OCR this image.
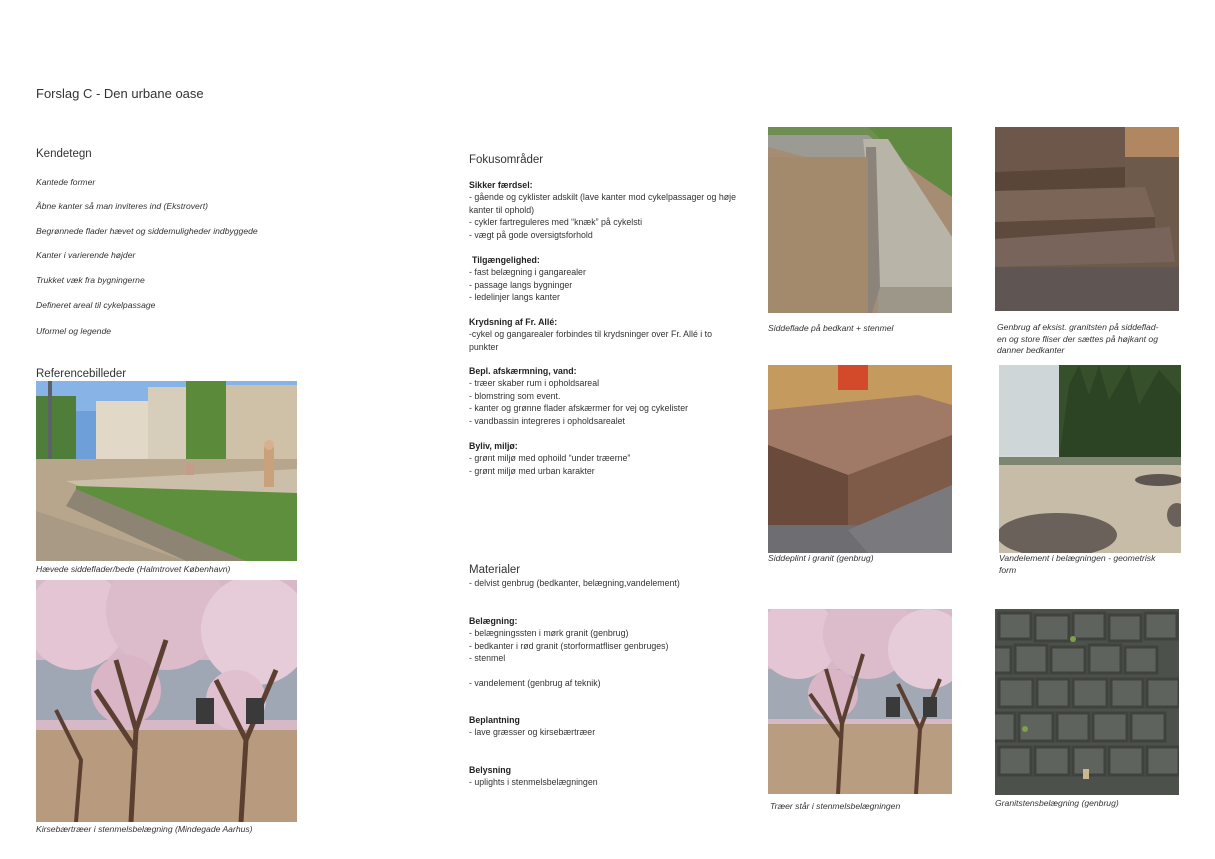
Forslag C - Den urbane oase
Kendetegn
Kantede former
Åbne kanter så man inviteres ind (Ekstrovert)
Begrønnede flader hævet og siddemuligheder indbyggede
Kanter i varierende højder
Trukket væk fra bygningerne
Defineret areal til cykelpassage
Uformel og legende
Referencebilleder
Hævede siddeflader/bede (Halmtrovet København)
Kirsebærtræer i stenmelsbelægning (Mindegade Aarhus)
Fokusområder
Sikker færdsel:
- gående og cyklister adskilt (lave kanter mod cykelpassager og høje
kanter til ophold)
- cykler fartreguleres med “knæk” på cykelsti
- vægt på gode oversigtsforhold
Tilgængelighed:
- fast belægning i gangarealer
- passage langs bygninger
- ledelinjer langs kanter
Krydsning af Fr. Allé:
-cykel og gangarealer forbindes til krydsninger over Fr. Allé i to
punkter
Bepl. afskærmning, vand:
- træer skaber rum i opholdsareal
- blomstring som event.
- kanter og grønne flader afskærmer for vej og cykelister
- vandbassin integreres i opholdsarealet
Byliv, miljø:
- grønt miljø med ophoild “under træerne”
- grønt miljø med urban karakter
Materialer
- delvist genbrug (bedkanter, belægning,vandelement)
Belægning:
- belægningssten i mørk granit (genbrug)
- bedkanter i rød granit (storformatfliser genbruges)
- stenmel
- vandelement (genbrug af teknik)
Beplantning
- lave græsser og kirsebærtræer
Belysning
- uplights i stenmelsbelægningen
Siddeflade på bedkant + stenmel	Genbrug af eksist. granitsten på siddeflad-
en og store fliser der sættes på højkant og
danner bedkanter
Siddeplint i granit (genbrug)	Vandelement i belægningen - geometrisk
form
Træer står i stenmelsbelægningen	Granitstensbelægning (genbrug)
